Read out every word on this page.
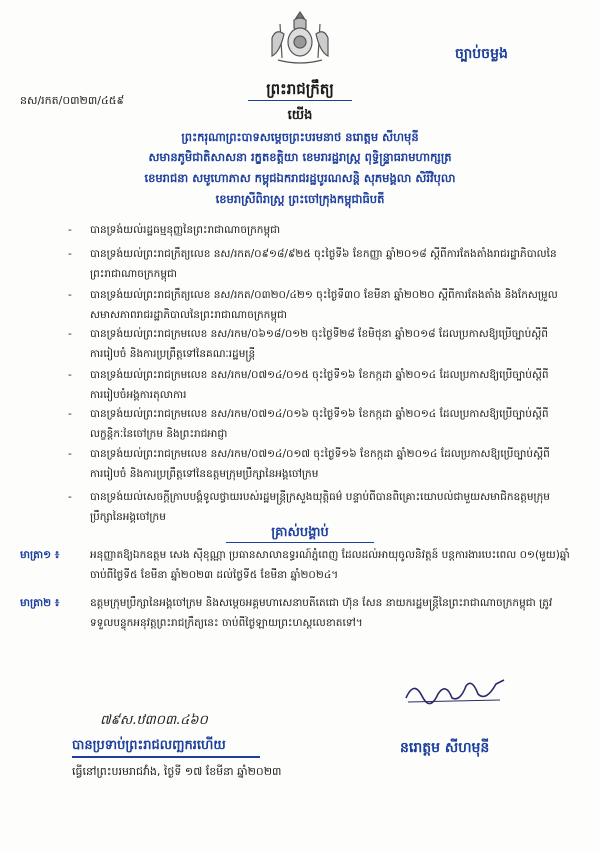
ច្បាប់ចម្លង
ព្រះរាជក្រឹត្យ
នស/រកត/០៣២៣/៤៥៩
យើង
ព្រះករុណាព្រះបាទសម្តេចព្រះបរមនាថ នរោត្តម សីហមុនី
សមានភូមិជាតិសាសនា រក្ខតខត្តិយា ខេមរារដ្ឋរាស្ត្រ ពុទ្ធិន្ទ្រាធរាមហាក្សត្រ
ខេមរាជនា សមូហោភាស កម្ពុជឯករាជរដ្ឋបូរណសន្តិ សុភមង្គលា សិរីវិបុលា
ខេមរាស្រីពិរាស្ត្រ ព្រះចៅក្រុងកម្ពុជាធិបតី
- បានទ្រង់យល់រដ្ឋធម្មនុញ្ញនៃព្រះរាជាណាចក្រកម្ពុជា

- បានទ្រង់យល់ព្រះរាជក្រឹត្យលេខ នស/រកត/០៩១៨/៩២៥ ចុះថ្ងៃទី៦ ខែកញ្ញា ឆ្នាំ២០១៨ ស្តីពីការតែងតាំងរាជរដ្ឋាភិបាលនៃព្រះរាជាណាចក្រកម្ពុជា

- បានទ្រង់យល់ព្រះរាជក្រឹត្យលេខ នស/រកត/០៣២០/៤២១ ចុះថ្ងៃទី៣០ ខែមីនា ឆ្នាំ២០២០ ស្តីពីការតែងតាំង និងកែសម្រួលសមាសភាពរាជរដ្ឋាភិបាលនៃព្រះរាជាណាចក្រកម្ពុជា

- បានទ្រង់យល់ព្រះរាជក្រមលេខ នស/រកម/០៦១៨/០១២ ចុះថ្ងៃទី២៨ ខែមិថុនា ឆ្នាំ២០១៨ ដែលប្រកាសឱ្យប្រើច្បាប់ស្តីពីការរៀបចំ និងការប្រព្រឹត្តទៅនៃគណៈរដ្ឋមន្ត្រី

- បានទ្រង់យល់ព្រះរាជក្រមលេខ នស/រកម/០៧១៤/០១៥ ចុះថ្ងៃទី១៦ ខែកក្កដា ឆ្នាំ២០១៤ ដែលប្រកាសឱ្យប្រើច្បាប់ស្តីពីការរៀបចំអង្គការតុលាការ

- បានទ្រង់យល់ព្រះរាជក្រមលេខ នស/រកម/០៧១៤/០១៦ ចុះថ្ងៃទី១៦ ខែកក្កដា ឆ្នាំ២០១៤ ដែលប្រកាសឱ្យប្រើច្បាប់ស្តីពីលក្ខន្តិកៈនៃចៅក្រម និងព្រះរាជអាជ្ញា

- បានទ្រង់យល់ព្រះរាជក្រមលេខ នស/រកម/០៧១៤/០១៧ ចុះថ្ងៃទី១៦ ខែកក្កដា ឆ្នាំ២០១៤ ដែលប្រកាសឱ្យប្រើច្បាប់ស្តីពីការរៀបចំ និងការប្រព្រឹត្តទៅនៃឧត្តមក្រុមប្រឹក្សានៃអង្គចៅក្រម

- បានទ្រង់យល់សេចក្តីក្រាបបង្គំទូលថ្វាយរបស់រដ្ឋមន្ត្រីក្រសួងយុត្តិធម៌ បន្ទាប់ពីបានពិគ្រោះយោបល់ជាមួយសមាជិកឧត្តមក្រុមប្រឹក្សានៃអង្គចៅក្រម

គ្រាស់បង្គាប់
មាត្រា១ ៖	អនុញ្ញាតឱ្យឯកឧត្តម សេង ស៊ីខុណ្ណា ប្រធានសាលាឧទ្ធរណ៍ភ្នំពេញ ដែលដល់អាយុចូលនិវត្តន៍ បន្តការងារបេះពេល ០១(មួយ)ឆ្នាំ ចាប់ពីថ្ងៃទី៥ ខែមីនា ឆ្នាំ២០២៣ ដល់ថ្ងៃទី៥ ខែមីនា ឆ្នាំ២០២៤។
មាត្រា២ ៖	ឧត្តមក្រុមប្រឹក្សានៃអង្គចៅក្រម និងសម្តេចអគ្គមហាសេនាបតីតេជោ ហ៊ុន សែន នាយករដ្ឋមន្ត្រីនៃព្រះរាជាណាចក្រកម្ពុជា ត្រូវទទួលបន្ទុកអនុវត្តព្រះរាជក្រឹត្យនេះ ចាប់ពីថ្ងៃឡាយព្រះហស្តលេខាតទៅ។
នរោត្តម សីហមុនី
៧៩ស.ឋ៣០៣.៤៦០
បានប្រទាប់ព្រះរាជលញ្ឆករហើយ
ធ្វើនៅព្រះបរមរាជវាំង, ថ្ងៃទី ១៧ ខែមីនា ឆ្នាំ២០២៣
